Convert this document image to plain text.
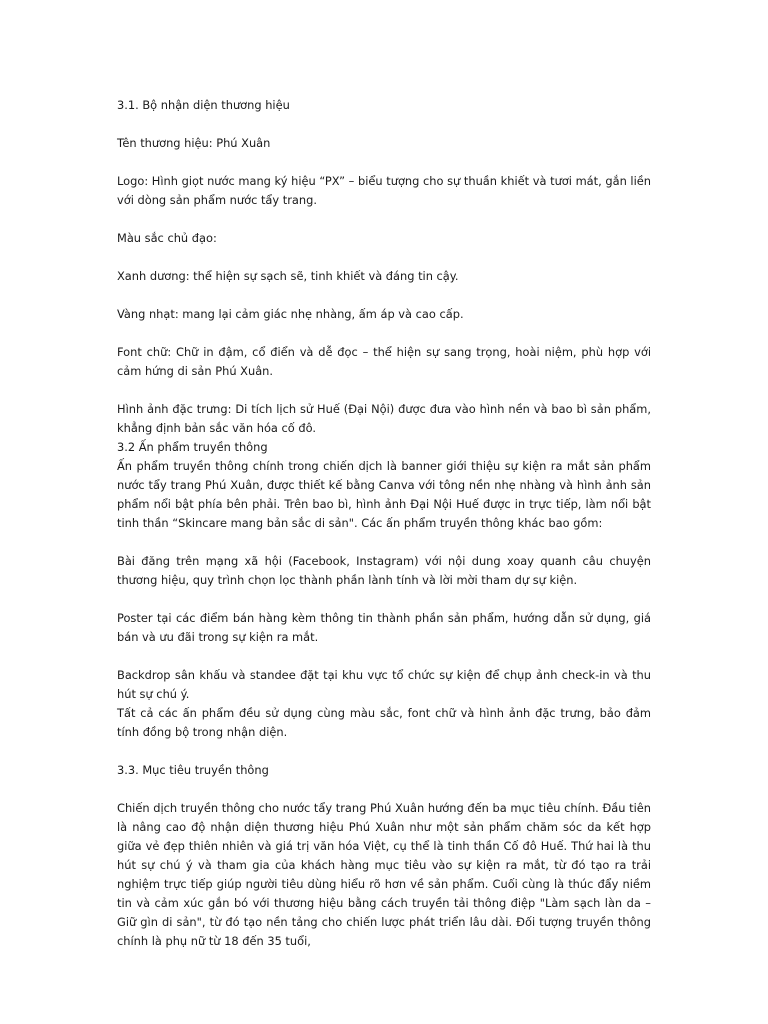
3.1. Bộ nhận diện thương hiệu

Tên thương hiệu: Phú Xuân

Logo: Hình giọt nước mang ký hiệu “PX” – biểu tượng cho sự thuần khiết và tươi mát, gắn liền với dòng sản phẩm nước tẩy trang.

Màu sắc chủ đạo:

Xanh dương: thể hiện sự sạch sẽ, tinh khiết và đáng tin cậy.

Vàng nhạt: mang lại cảm giác nhẹ nhàng, ấm áp và cao cấp.

Font chữ: Chữ in đậm, cổ điển và dễ đọc – thể hiện sự sang trọng, hoài niệm, phù hợp với cảm hứng di sản Phú Xuân.

Hình ảnh đặc trưng: Di tích lịch sử Huế (Đại Nội) được đưa vào hình nền và bao bì sản phẩm, khẳng định bản sắc văn hóa cố đô.

3.2 Ấn phẩm truyền thông

Ấn phẩm truyền thông chính trong chiến dịch là banner giới thiệu sự kiện ra mắt sản phẩm nước tẩy trang Phú Xuân, được thiết kế bằng Canva với tông nền nhẹ nhàng và hình ảnh sản phẩm nổi bật phía bên phải. Trên bao bì, hình ảnh Đại Nội Huế được in trực tiếp, làm nổi bật tinh thần “Skincare mang bản sắc di sản". Các ấn phẩm truyền thông khác bao gồm:

Bài đăng trên mạng xã hội (Facebook, Instagram) với nội dung xoay quanh câu chuyện thương hiệu, quy trình chọn lọc thành phần lành tính và lời mời tham dự sự kiện.

Poster tại các điểm bán hàng kèm thông tin thành phần sản phẩm, hướng dẫn sử dụng, giá bán và ưu đãi trong sự kiện ra mắt.

Backdrop sân khấu và standee đặt tại khu vực tổ chức sự kiện để chụp ảnh check-in và thu hút sự chú ý.

Tất cả các ấn phẩm đều sử dụng cùng màu sắc, font chữ và hình ảnh đặc trưng, bảo đảm tính đồng bộ trong nhận diện.

3.3. Mục tiêu truyền thông

Chiến dịch truyền thông cho nước tẩy trang Phú Xuân hướng đến ba mục tiêu chính. Đầu tiên là nâng cao độ nhận diện thương hiệu Phú Xuân như một sản phẩm chăm sóc da kết hợp giữa vẻ đẹp thiên nhiên và giá trị văn hóa Việt, cụ thể là tinh thần Cố đô Huế. Thứ hai là thu hút sự chú ý và tham gia của khách hàng mục tiêu vào sự kiện ra mắt, từ đó tạo ra trải nghiệm trực tiếp giúp người tiêu dùng hiểu rõ hơn về sản phẩm. Cuối cùng là thúc đẩy niềm tin và cảm xúc gắn bó với thương hiệu bằng cách truyền tải thông điệp "Làm sạch làn da – Giữ gìn di sản", từ đó tạo nền tảng cho chiến lược phát triển lâu dài. Đối tượng truyền thông chính là phụ nữ từ 18 đến 35 tuổi,
